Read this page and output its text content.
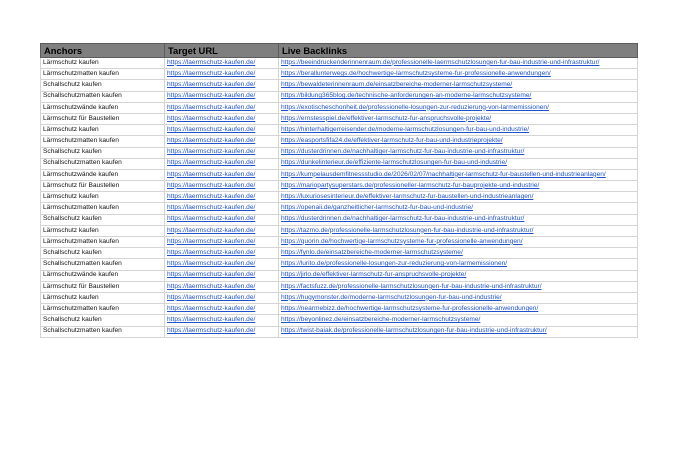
Anchors	Target URL	Live Backlinks
Lärmschutz kaufen	https://laermschutz-kaufen.de/	https://beeindruckenderinnenraum.de/professionelle-laermschutzlosungen-fur-bau-industrie-und-infrastruktur/
Lärmschutzmatten kaufen	https://laermschutz-kaufen.de/	https://berallunterwegs.de/hochwertige-larmschutzsysteme-fur-professionelle-anwendungen/
Schallschutz kaufen	https://laermschutz-kaufen.de/	https://bewaldeterinnenraum.de/einsatzbereiche-moderner-larmschutzsysteme/
Schallschutzmatten kaufen	https://laermschutz-kaufen.de/	https://bildung365blog.de/technische-anforderungen-an-moderne-larmschutzsysteme/
Lärmschutzwände kaufen	https://laermschutz-kaufen.de/	https://exotischeschonheit.de/professionelle-losungen-zur-reduzierung-von-larmemissionen/
Lärmschutz für Baustellen	https://laermschutz-kaufen.de/	https://ernstesspiel.de/effektiver-larmschutz-fur-anspruchsvolle-projekte/
Lärmschutz kaufen	https://laermschutz-kaufen.de/	https://hinterhaltigerreisender.de/moderne-larmschutzlosungen-fur-bau-und-industrie/
Lärmschutzmatten kaufen	https://laermschutz-kaufen.de/	https://easportsfifa24.de/effektiver-larmschutz-fur-bau-und-industrieprojekte/
Schallschutz kaufen	https://laermschutz-kaufen.de/	https://dusterdrinnen.de/nachhaltiger-larmschutz-fur-bau-industrie-und-infrastruktur/
Schallschutzmatten kaufen	https://laermschutz-kaufen.de/	https://dunkelinterieur.de/effiziente-larmschutzlosungen-fur-bau-und-industrie/
Lärmschutzwände kaufen	https://laermschutz-kaufen.de/	https://kumpelausdemfitnessstudio.de/2026/02/07/nachhaltiger-larmschutz-fur-baustellen-und-industrieanlagen/
Lärmschutz für Baustellen	https://laermschutz-kaufen.de/	https://mariopartysuperstars.de/professioneller-larmschutz-fur-bauprojekte-und-industrie/
Lärmschutz kaufen	https://laermschutz-kaufen.de/	https://luxuriosesinterieur.de/effektiver-larmschutz-fur-baustellen-und-industrieanlagen/
Lärmschutzmatten kaufen	https://laermschutz-kaufen.de/	https://openaii.de/ganzheitlicher-larmschutz-fur-bau-und-industrie/
Schallschutz kaufen	https://laermschutz-kaufen.de/	https://dusterdrinnen.de/nachhaltiger-larmschutz-fur-bau-industrie-und-infrastruktur/
Lärmschutz kaufen	https://laermschutz-kaufen.de/	https://tazmo.de/professionelle-larmschutzlosungen-fur-bau-industrie-und-infrastruktur/
Lärmschutzmatten kaufen	https://laermschutz-kaufen.de/	https://quorin.de/hochwertige-larmschutzsysteme-fur-professionelle-anwendungen/
Schallschutz kaufen	https://laermschutz-kaufen.de/	https://fynlo.de/einsatzbereiche-moderner-larmschutzsysteme/
Schallschutzmatten kaufen	https://laermschutz-kaufen.de/	https://lurito.de/professionelle-losungen-zur-reduzierung-von-larmemissionen/
Lärmschutzwände kaufen	https://laermschutz-kaufen.de/	https://jirlo.de/effektiver-larmschutz-fur-anspruchsvolle-projekte/
Lärmschutz für Baustellen	https://laermschutz-kaufen.de/	https://factsfuzz.de/professionelle-larmschutzlosungen-fur-bau-industrie-und-infrastruktur/
Lärmschutz kaufen	https://laermschutz-kaufen.de/	https://hugymonster.de/moderne-larmschutzlosungen-fur-bau-und-industrie/
Lärmschutzmatten kaufen	https://laermschutz-kaufen.de/	https://nearmebizz.de/hochwertige-larmschutzsysteme-fur-professionelle-anwendungen/
Schallschutz kaufen	https://laermschutz-kaufen.de/	https://beyonlinez.de/einsatzbereiche-moderner-larmschutzsysteme/
Schallschutzmatten kaufen	https://laermschutz-kaufen.de/	https://twist-baiak.de/professionelle-larmschutzlosungen-fur-bau-industrie-und-infrastruktur/
